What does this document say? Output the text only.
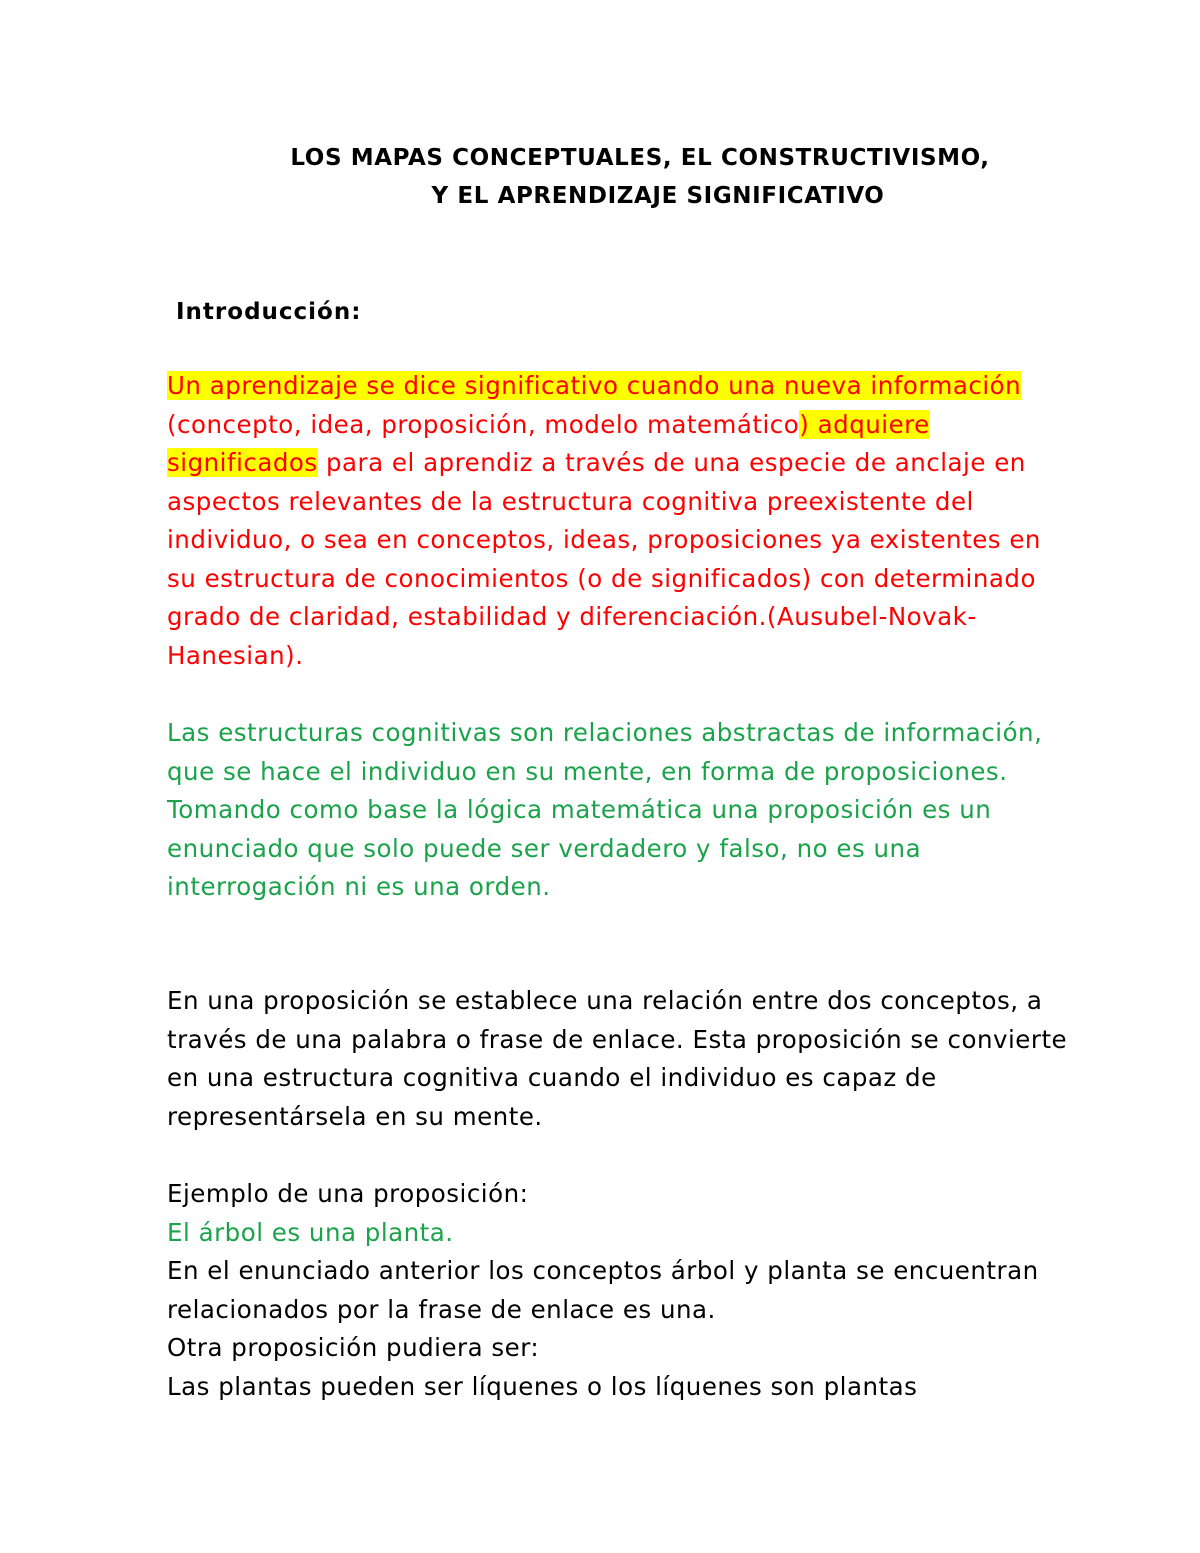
LOS MAPAS CONCEPTUALES, EL CONSTRUCTIVISMO,
Y EL APRENDIZAJE SIGNIFICATIVO
Introducción:
Un aprendizaje se dice significativo cuando una nueva información
(concepto, idea, proposición, modelo matemático) adquiere
significados para el aprendiz a través de una especie de anclaje en
aspectos relevantes de la estructura cognitiva preexistente del
individuo, o sea en conceptos, ideas, proposiciones ya existentes en
su estructura de conocimientos (o de significados) con determinado
grado de claridad, estabilidad y diferenciación.(Ausubel-Novak-
Hanesian).
Las estructuras cognitivas son relaciones abstractas de información,
que se hace el individuo en su mente, en forma de proposiciones.
Tomando como base la lógica matemática una proposición es un
enunciado que solo puede ser verdadero y falso, no es una
interrogación ni es una orden.
En una proposición se establece una relación entre dos conceptos, a
través de una palabra o frase de enlace. Esta proposición se convierte
en una estructura cognitiva cuando el individuo es capaz de
representársela en su mente.
Ejemplo de una proposición:
El árbol es una planta.
En el enunciado anterior los conceptos árbol y planta se encuentran
relacionados por la frase de enlace es una.
Otra proposición pudiera ser:
Las plantas pueden ser líquenes o los líquenes son plantas
